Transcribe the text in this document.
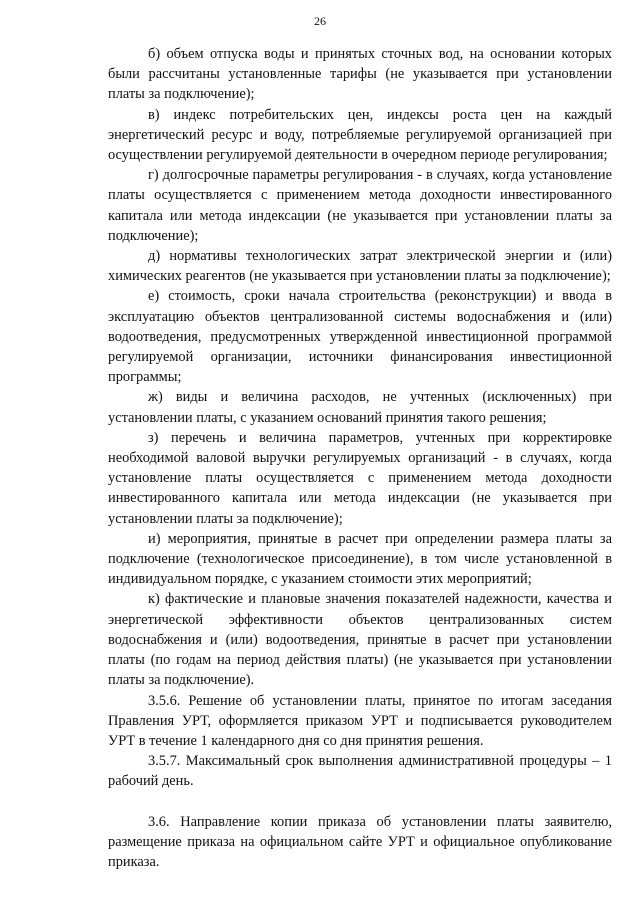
26

б) объем отпуска воды и принятых сточных вод, на основании которых были рассчитаны установленные тарифы (не указывается при установлении платы за подключение);

в) индекс потребительских цен, индексы роста цен на каждый энергетический ресурс и воду, потребляемые регулируемой организацией при осуществлении регулируемой деятельности в очередном периоде регулирования;

г) долгосрочные параметры регулирования - в случаях, когда установление платы осуществляется с применением метода доходности инвестированного капитала или метода индексации (не указывается при установлении платы за подключение);

д) нормативы технологических затрат электрической энергии и (или) химических реагентов (не указывается при установлении платы за подключение);

е) стоимость, сроки начала строительства (реконструкции) и ввода в эксплуатацию объектов централизованной системы водоснабжения и (или) водоотведения, предусмотренных утвержденной инвестиционной программой регулируемой организации, источники финансирования инвестиционной программы;

ж) виды и величина расходов, не учтенных (исключенных) при установлении платы, с указанием оснований принятия такого решения;

з) перечень и величина параметров, учтенных при корректировке необходимой валовой выручки регулируемых организаций - в случаях, когда установление платы осуществляется с применением метода доходности инвестированного капитала или метода индексации (не указывается при установлении платы за подключение);

и) мероприятия, принятые в расчет при определении размера платы за подключение (технологическое присоединение), в том числе установленной в индивидуальном порядке, с указанием стоимости этих мероприятий;

к) фактические и плановые значения показателей надежности, качества и энергетической эффективности объектов централизованных систем водоснабжения и (или) водоотведения, принятые в расчет при установлении платы (по годам на период действия платы) (не указывается при установлении платы за подключение).

3.5.6. Решение об установлении платы, принятое по итогам заседания Правления УРТ, оформляется приказом УРТ и подписывается руководителем УРТ в течение 1 календарного дня со дня принятия решения.

3.5.7. Максимальный срок выполнения административной процедуры – 1 рабочий день.

3.6. Направление копии приказа об установлении платы заявителю, размещение приказа на официальном сайте УРТ и официальное опубликование приказа.
